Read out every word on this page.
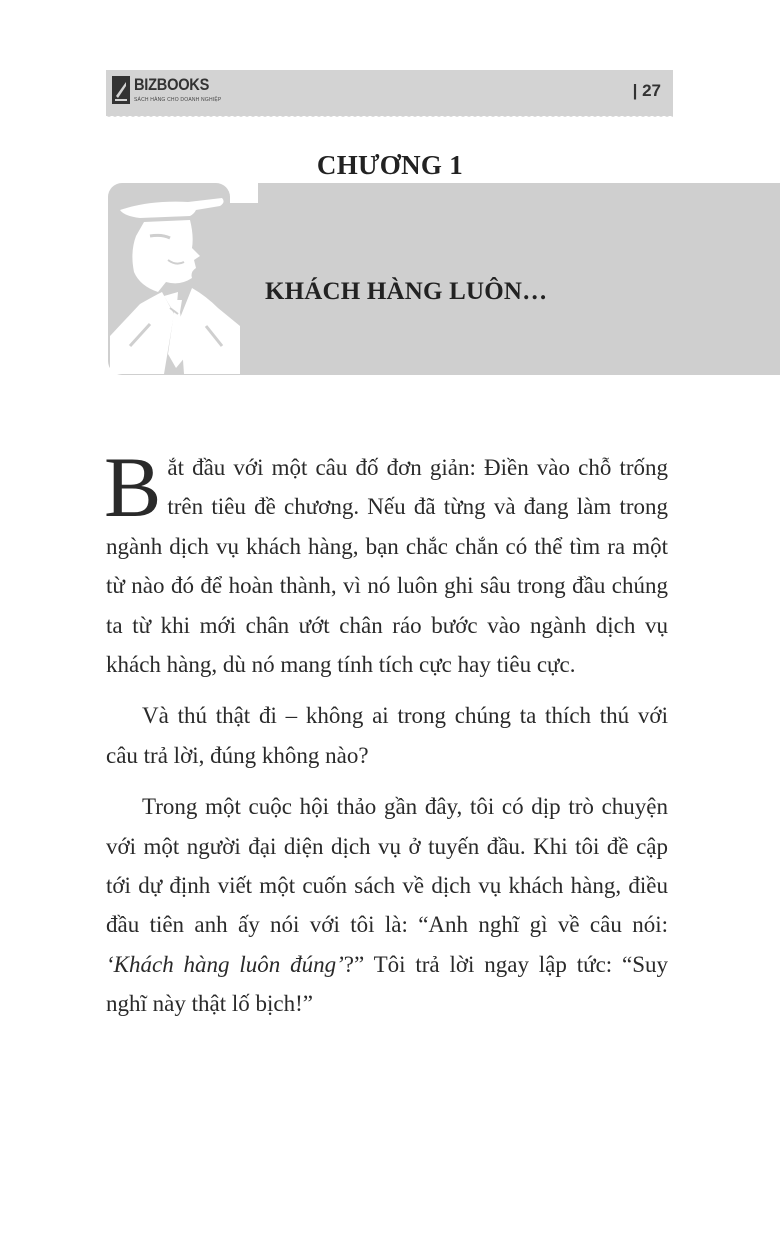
BIZBOOKS
SÁCH HÀNG CHO DOANH NGHIỆP	| 27
CHƯƠNG 1
KHÁCH HÀNG LUÔN…

Bắt đầu với một câu đố đơn giản: Điền vào chỗ trống trên tiêu đề chương. Nếu đã từng và đang làm trong ngành dịch vụ khách hàng, bạn chắc chắn có thể tìm ra một từ nào đó để hoàn thành, vì nó luôn ghi sâu trong đầu chúng ta từ khi mới chân ướt chân ráo bước vào ngành dịch vụ khách hàng, dù nó mang tính tích cực hay tiêu cực.

Và thú thật đi – không ai trong chúng ta thích thú với câu trả lời, đúng không nào?

Trong một cuộc hội thảo gần đây, tôi có dịp trò chuyện với một người đại diện dịch vụ ở tuyến đầu. Khi tôi đề cập tới dự định viết một cuốn sách về dịch vụ khách hàng, điều đầu tiên anh ấy nói với tôi là: “Anh nghĩ gì về câu nói: ‘Khách hàng luôn đúng’?” Tôi trả lời ngay lập tức: “Suy nghĩ này thật lố bịch!”
